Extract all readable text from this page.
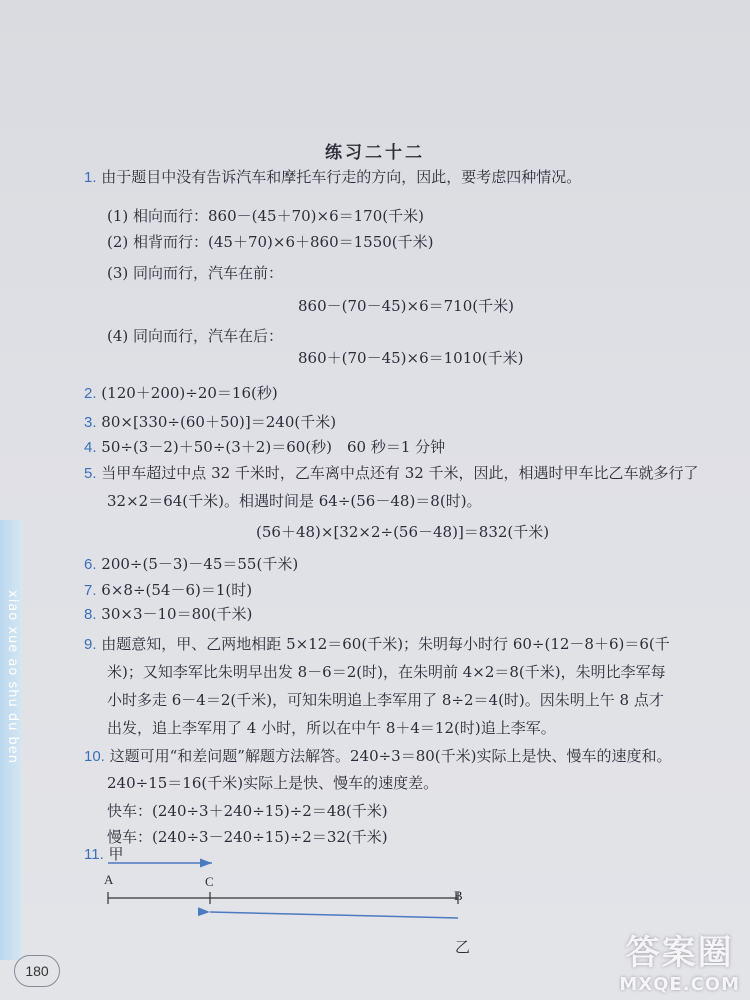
xiao xue ao shu du ben
练习二十二
1. 由于题目中没有告诉汽车和摩托车行走的方向，因此，要考虑四种情况。
(1) 相向而行：860－(45＋70)×6＝170(千米)
(2) 相背而行：(45＋70)×6＋860＝1550(千米)
(3) 同向而行，汽车在前：
860－(70－45)×6＝710(千米)
(4) 同向而行，汽车在后：
860＋(70－45)×6＝1010(千米)
2. (120＋200)÷20＝16(秒)
3. 80×[330÷(60＋50)]＝240(千米)
4. 50÷(3－2)＋50÷(3＋2)＝60(秒)　60 秒＝1 分钟
5. 当甲车超过中点 32 千米时，乙车离中点还有 32 千米，因此，相遇时甲车比乙车就多行了
32×2＝64(千米)。相遇时间是 64÷(56－48)＝8(时)。
(56＋48)×[32×2÷(56－48)]＝832(千米)
6. 200÷(5－3)－45＝55(千米)
7. 6×8÷(54－6)＝1(时)
8. 30×3－10＝80(千米)
9. 由题意知，甲、乙两地相距 5×12＝60(千米)；朱明每小时行 60÷(12－8＋6)＝6(千
米)；又知李军比朱明早出发 8－6＝2(时)，在朱明前 4×2＝8(千米)，朱明比李军每
小时多走 6－4＝2(千米)，可知朱明追上李军用了 8÷2＝4(时)。因朱明上午 8 点才
出发，追上李军用了 4 小时，所以在中午 8＋4＝12(时)追上李军。
10. 这题可用“和差问题”解题方法解答。240÷3＝80(千米)实际上是快、慢车的速度和。
240÷15＝16(千米)实际上是快、慢车的速度差。
快车：(240÷3＋240÷15)÷2＝48(千米)
慢车：(240÷3－240÷15)÷2＝32(千米)
11. 甲
A	C
B
乙
180	答案圈
MXQE.COM
